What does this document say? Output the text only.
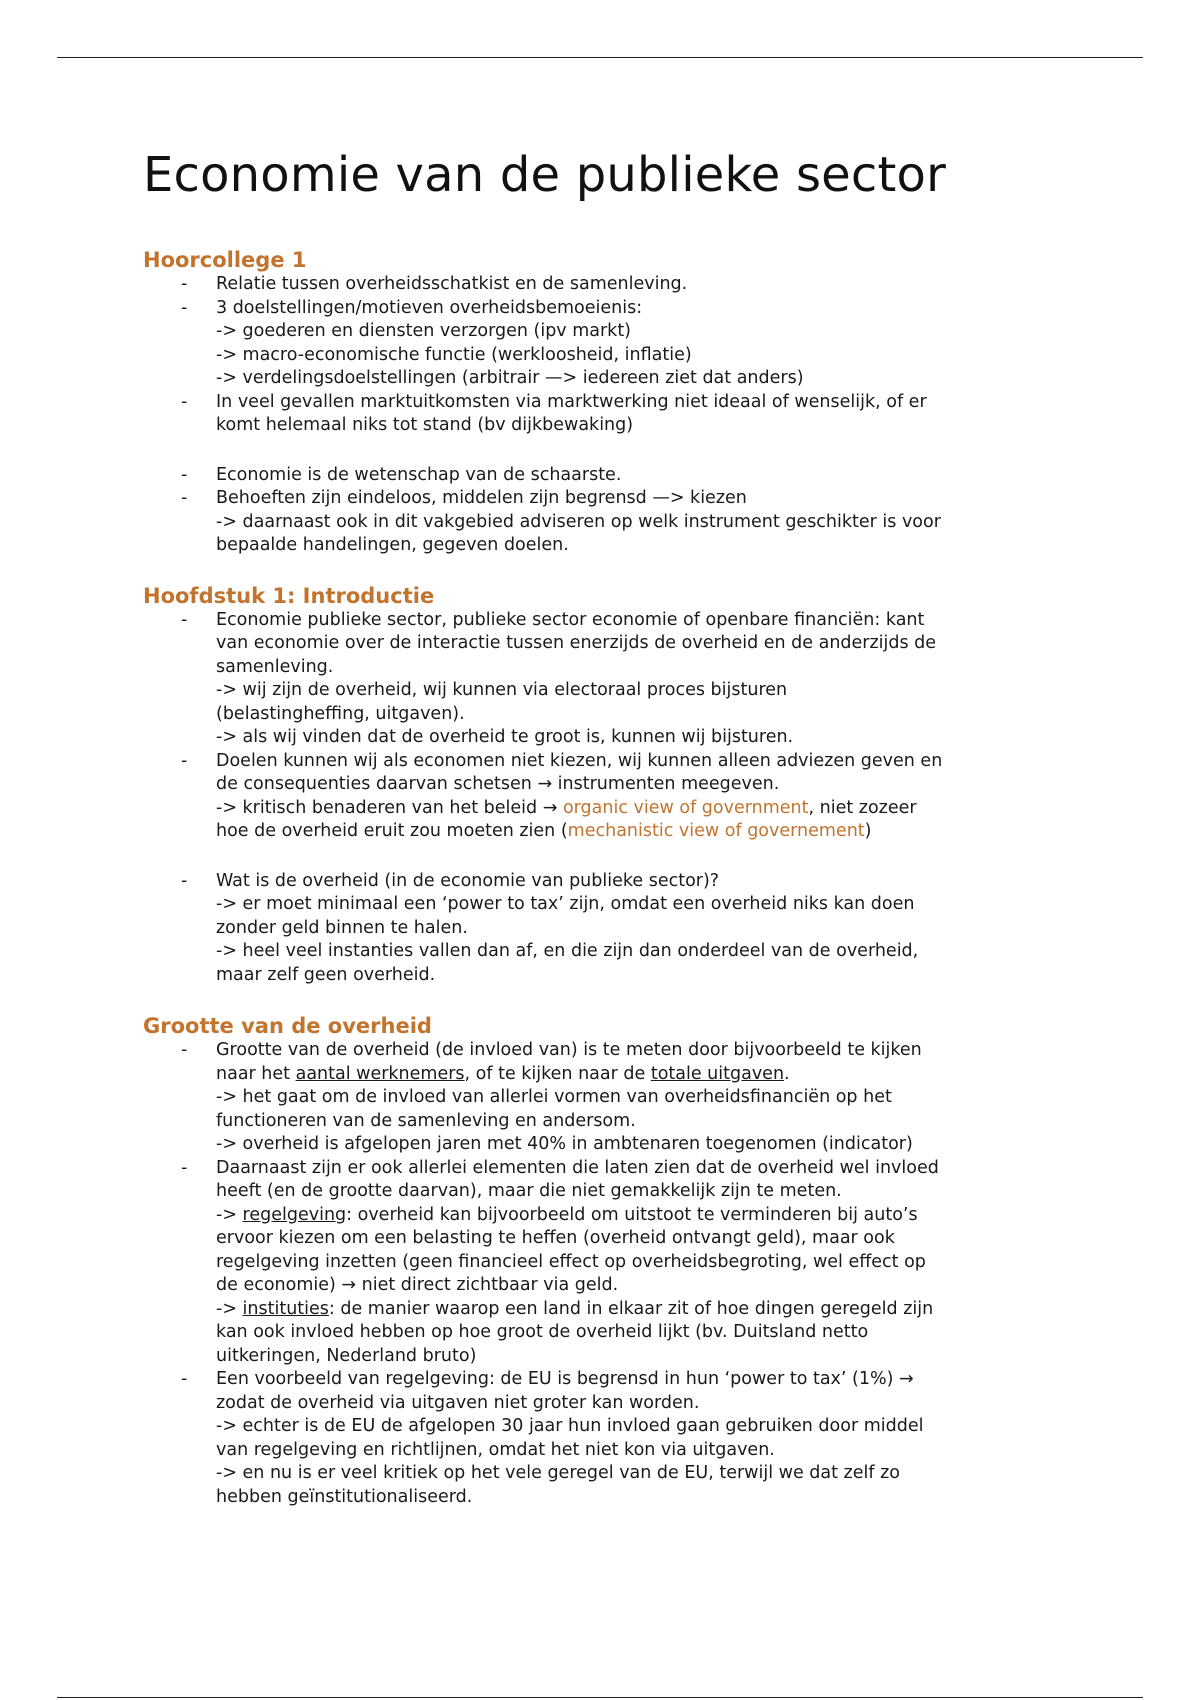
Economie van de publieke sector
Hoorcollege 1
- Relatie tussen overheidsschatkist en de samenleving.
- 3 doelstellingen/motieven overheidsbemoeienis:
-> goederen en diensten verzorgen (ipv markt)
-> macro-economische functie (werkloosheid, inflatie)
-> verdelingsdoelstellingen (arbitrair —> iedereen ziet dat anders)
- In veel gevallen marktuitkomsten via marktwerking niet ideaal of wenselijk, of er
komt helemaal niks tot stand (bv dijkbewaking)
- Economie is de wetenschap van de schaarste.
- Behoeften zijn eindeloos, middelen zijn begrensd —> kiezen
-> daarnaast ook in dit vakgebied adviseren op welk instrument geschikter is voor
bepaalde handelingen, gegeven doelen.
Hoofdstuk 1: Introductie
- Economie publieke sector, publieke sector economie of openbare financiën: kant
van economie over de interactie tussen enerzijds de overheid en de anderzijds de
samenleving.
-> wij zijn de overheid, wij kunnen via electoraal proces bijsturen
(belastingheffing, uitgaven).
-> als wij vinden dat de overheid te groot is, kunnen wij bijsturen.
- Doelen kunnen wij als economen niet kiezen, wij kunnen alleen adviezen geven en
de consequenties daarvan schetsen → instrumenten meegeven.
-> kritisch benaderen van het beleid → organic view of government, niet zozeer
hoe de overheid eruit zou moeten zien (mechanistic view of governement)
- Wat is de overheid (in de economie van publieke sector)?
-> er moet minimaal een ‘power to tax’ zijn, omdat een overheid niks kan doen
zonder geld binnen te halen.
-> heel veel instanties vallen dan af, en die zijn dan onderdeel van de overheid,
maar zelf geen overheid.
Grootte van de overheid
- Grootte van de overheid (de invloed van) is te meten door bijvoorbeeld te kijken
naar het aantal werknemers, of te kijken naar de totale uitgaven.
-> het gaat om de invloed van allerlei vormen van overheidsfinanciën op het
functioneren van de samenleving en andersom.
-> overheid is afgelopen jaren met 40% in ambtenaren toegenomen (indicator)
- Daarnaast zijn er ook allerlei elementen die laten zien dat de overheid wel invloed
heeft (en de grootte daarvan), maar die niet gemakkelijk zijn te meten.
-> regelgeving: overheid kan bijvoorbeeld om uitstoot te verminderen bij auto’s
ervoor kiezen om een belasting te heffen (overheid ontvangt geld), maar ook
regelgeving inzetten (geen financieel effect op overheidsbegroting, wel effect op
de economie) → niet direct zichtbaar via geld.
-> instituties: de manier waarop een land in elkaar zit of hoe dingen geregeld zijn
kan ook invloed hebben op hoe groot de overheid lijkt (bv. Duitsland netto
uitkeringen, Nederland bruto)
- Een voorbeeld van regelgeving: de EU is begrensd in hun ‘power to tax’ (1%) →
zodat de overheid via uitgaven niet groter kan worden.
-> echter is de EU de afgelopen 30 jaar hun invloed gaan gebruiken door middel
van regelgeving en richtlijnen, omdat het niet kon via uitgaven.
-> en nu is er veel kritiek op het vele geregel van de EU, terwijl we dat zelf zo
hebben geïnstitutionaliseerd.
